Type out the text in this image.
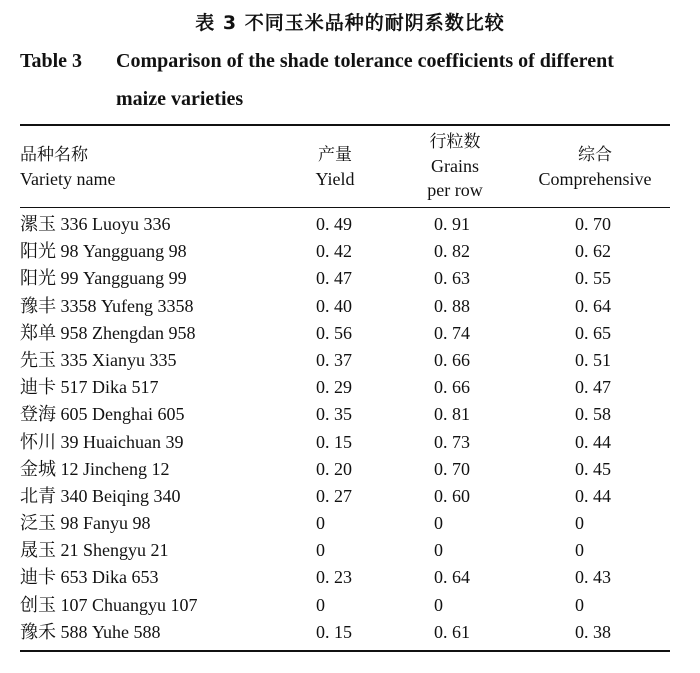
表 3 不同玉米品种的耐阴系数比较
Table 3 Comparison of the shade tolerance coefficients of different
maize varieties
品种名称
Variety name
产量
Yield
行粒数
Grains
per row
综合
Comprehensive
漯玉 336 Luoyu 336	0. 49	0. 91	0. 70
阳光 98 Yangguang 98	0. 42	0. 82	0. 62
阳光 99 Yangguang 99	0. 47	0. 63	0. 55
豫丰 3358 Yufeng 3358	0. 40	0. 88	0. 64
郑单 958 Zhengdan 958	0. 56	0. 74	0. 65
先玉 335 Xianyu 335	0. 37	0. 66	0. 51
迪卡 517 Dika 517	0. 29	0. 66	0. 47
登海 605 Denghai 605	0. 35	0. 81	0. 58
怀川 39 Huaichuan 39	0. 15	0. 73	0. 44
金城 12 Jincheng 12	0. 20	0. 70	0. 45
北青 340 Beiqing 340	0. 27	0. 60	0. 44
泛玉 98 Fanyu 98	0	0	0
晟玉 21 Shengyu 21	0	0	0
迪卡 653 Dika 653	0. 23	0. 64	0. 43
创玉 107 Chuangyu 107	0	0	0
豫禾 588 Yuhe 588	0. 15	0. 61	0. 38
